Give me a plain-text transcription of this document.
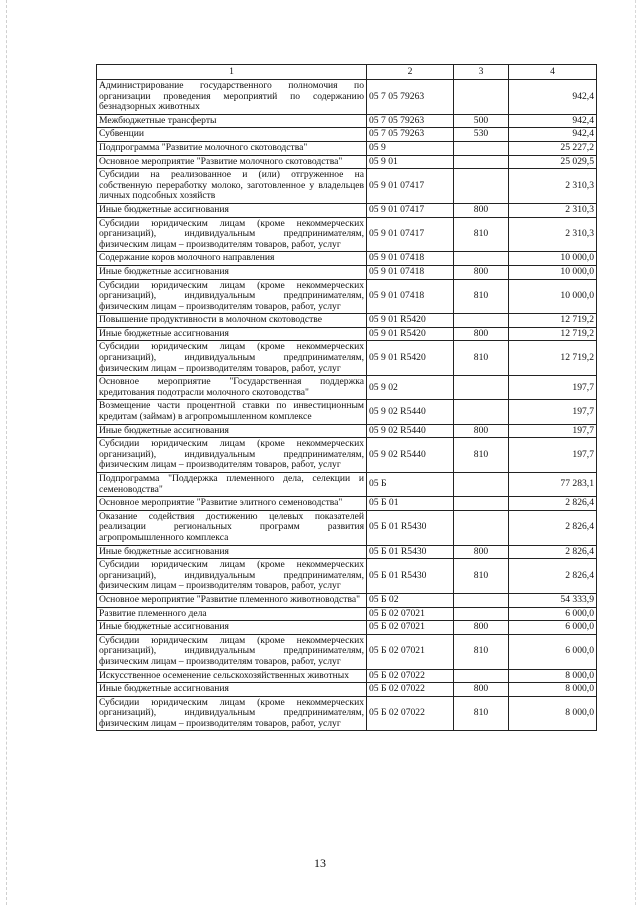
1	2	3	4
Администрирование государственного полномочия по организации проведения мероприятий по содержанию безнадзорных животных	05 7 05 79263		942,4
Межбюджетные трансферты	05 7 05 79263	500	942,4
Субвенции	05 7 05 79263	530	942,4
Подпрограмма "Развитие молочного скотоводства"	05 9		25 227,2
Основное мероприятие "Развитие молочного скотоводства"	05 9 01		25 029,5
Субсидии на реализованное и (или) отгруженное на собственную переработку молоко, заготовленное у владельцев личных подсобных хозяйств	05 9 01 07417		2 310,3
Иные бюджетные ассигнования	05 9 01 07417	800	2 310,3
Субсидии юридическим лицам (кроме некоммерческих организаций), индивидуальным предпринимателям, физическим лицам – производителям товаров, работ, услуг	05 9 01 07417	810	2 310,3
Содержание коров молочного направления	05 9 01 07418		10 000,0
Иные бюджетные ассигнования	05 9 01 07418	800	10 000,0
Субсидии юридическим лицам (кроме некоммерческих организаций), индивидуальным предпринимателям, физическим лицам – производителям товаров, работ, услуг	05 9 01 07418	810	10 000,0
Повышение продуктивности в молочном скотоводстве	05 9 01 R5420		12 719,2
Иные бюджетные ассигнования	05 9 01 R5420	800	12 719,2
Субсидии юридическим лицам (кроме некоммерческих организаций), индивидуальным предпринимателям, физическим лицам – производителям товаров, работ, услуг	05 9 01 R5420	810	12 719,2
Основное мероприятие "Государственная поддержка кредитования подотрасли молочного скотоводства"	05 9 02		197,7
Возмещение части процентной ставки по инвестиционным кредитам (займам) в агропромышленном комплексе	05 9 02 R5440		197,7
Иные бюджетные ассигнования	05 9 02 R5440	800	197,7
Субсидии юридическим лицам (кроме некоммерческих организаций), индивидуальным предпринимателям, физическим лицам – производителям товаров, работ, услуг	05 9 02 R5440	810	197,7
Подпрограмма "Поддержка племенного дела, селекции и семеноводства"	05 Б		77 283,1
Основное мероприятие "Развитие элитного семеноводства"	05 Б 01		2 826,4
Оказание содействия достижению целевых показателей реализации региональных программ развития агропромышленного комплекса	05 Б 01 R5430		2 826,4
Иные бюджетные ассигнования	05 Б 01 R5430	800	2 826,4
Субсидии юридическим лицам (кроме некоммерческих организаций), индивидуальным предпринимателям, физическим лицам – производителям товаров, работ, услуг	05 Б 01 R5430	810	2 826,4
Основное мероприятие "Развитие племенного животноводства"	05 Б 02		54 333,9
Развитие племенного дела	05 Б 02 07021		6 000,0
Иные бюджетные ассигнования	05 Б 02 07021	800	6 000,0
Субсидии юридическим лицам (кроме некоммерческих организаций), индивидуальным предпринимателям, физическим лицам – производителям товаров, работ, услуг	05 Б 02 07021	810	6 000,0
Искусственное осеменение сельскохозяйственных животных	05 Б 02 07022		8 000,0
Иные бюджетные ассигнования	05 Б 02 07022	800	8 000,0
Субсидии юридическим лицам (кроме некоммерческих организаций), индивидуальным предпринимателям, физическим лицам – производителям товаров, работ, услуг	05 Б 02 07022	810	8 000,0
13
